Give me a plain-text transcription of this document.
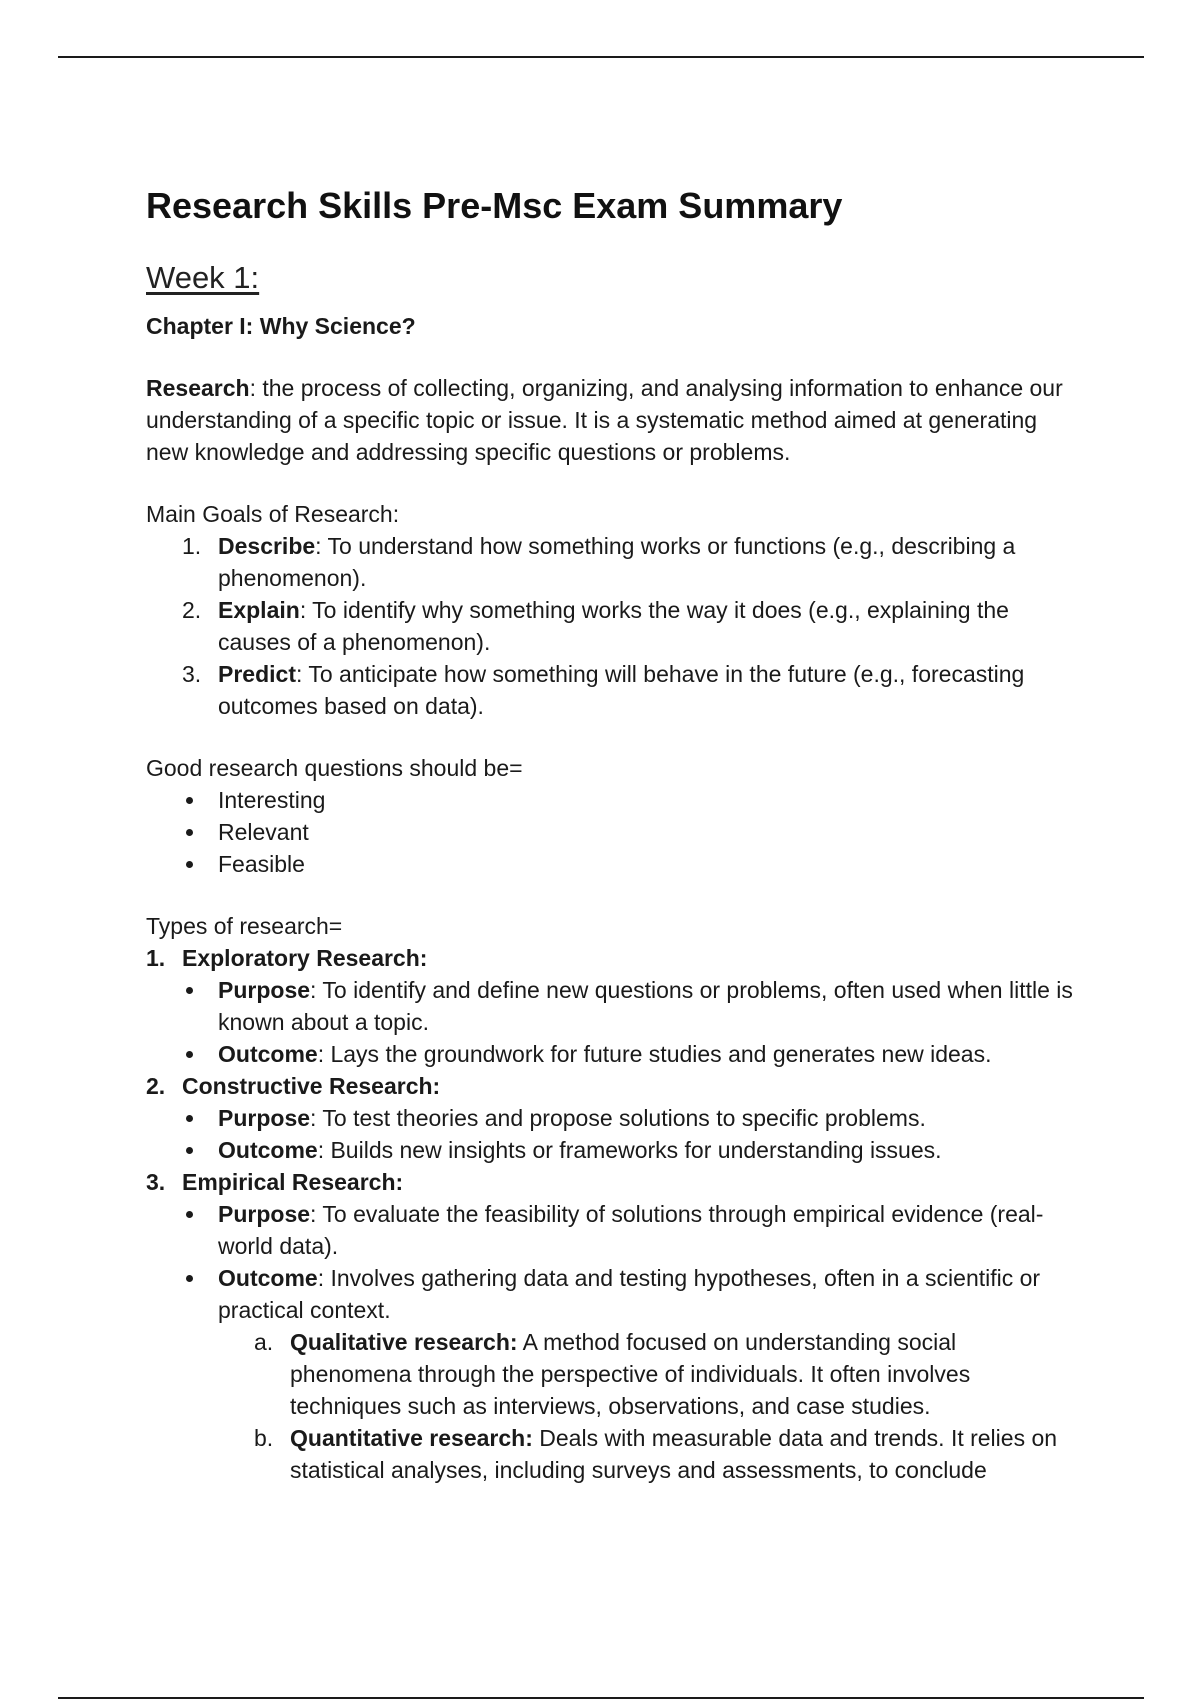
Research Skills Pre-Msc Exam Summary
Week 1:
Chapter I: Why Science?

Research: the process of collecting, organizing, and analysing information to enhance our understanding of a specific topic or issue. It is a systematic method aimed at generating new knowledge and addressing specific questions or problems.

Main Goals of Research:

1. Describe: To understand how something works or functions (e.g., describing a phenomenon).
2. Explain: To identify why something works the way it does (e.g., explaining the causes of a phenomenon).
3. Predict: To anticipate how something will behave in the future (e.g., forecasting outcomes based on data).

Good research questions should be=

Interesting
Relevant
Feasible

Types of research=

1. Exploratory Research:
Purpose: To identify and define new questions or problems, often used when little is known about a topic.
Outcome: Lays the groundwork for future studies and generates new ideas.
2. Constructive Research:
Purpose: To test theories and propose solutions to specific problems.
Outcome: Builds new insights or frameworks for understanding issues.
3. Empirical Research:
Purpose: To evaluate the feasibility of solutions through empirical evidence (real-world data).
Outcome: Involves gathering data and testing hypotheses, often in a scientific or practical context.
a. Qualitative research: A method focused on understanding social phenomena through the perspective of individuals. It often involves techniques such as interviews, observations, and case studies.
b. Quantitative research: Deals with measurable data and trends. It relies on statistical analyses, including surveys and assessments, to conclude
